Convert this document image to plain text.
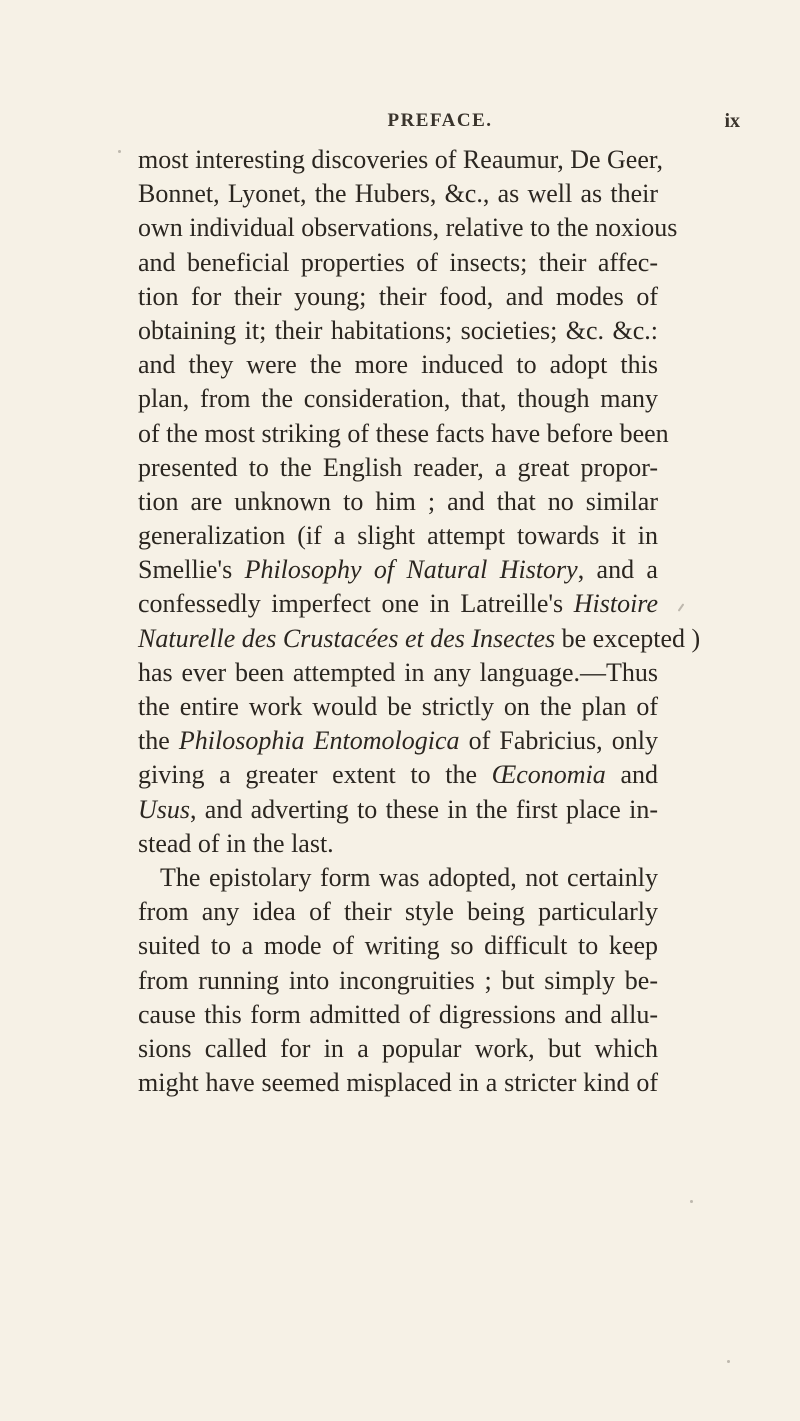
PREFACE.	ix
most interesting discoveries of Reaumur, De Geer,
Bonnet, Lyonet, the Hubers, &c., as well as their
own individual observations, relative to the noxious
and beneficial properties of insects; their affec-
tion for their young; their food, and modes of
obtaining it; their habitations; societies; &c. &c.:
and they were the more induced to adopt this
plan, from the consideration, that, though many
of the most striking of these facts have before been
presented to the English reader, a great propor-
tion are unknown to him ; and that no similar
generalization (if a slight attempt towards it in
Smellie's Philosophy of Natural History, and a
confessedly imperfect one in Latreille's Histoire
Naturelle des Crustacées et des Insectes be excepted )
has ever been attempted in any language.—Thus
the entire work would be strictly on the plan of
the Philosophia Entomologica of Fabricius, only
giving a greater extent to the Œconomia and
Usus, and adverting to these in the first place in-
stead of in the last.
The epistolary form was adopted, not certainly
from any idea of their style being particularly
suited to a mode of writing so difficult to keep
from running into incongruities ; but simply be-
cause this form admitted of digressions and allu-
sions called for in a popular work, but which
might have seemed misplaced in a stricter kind of
